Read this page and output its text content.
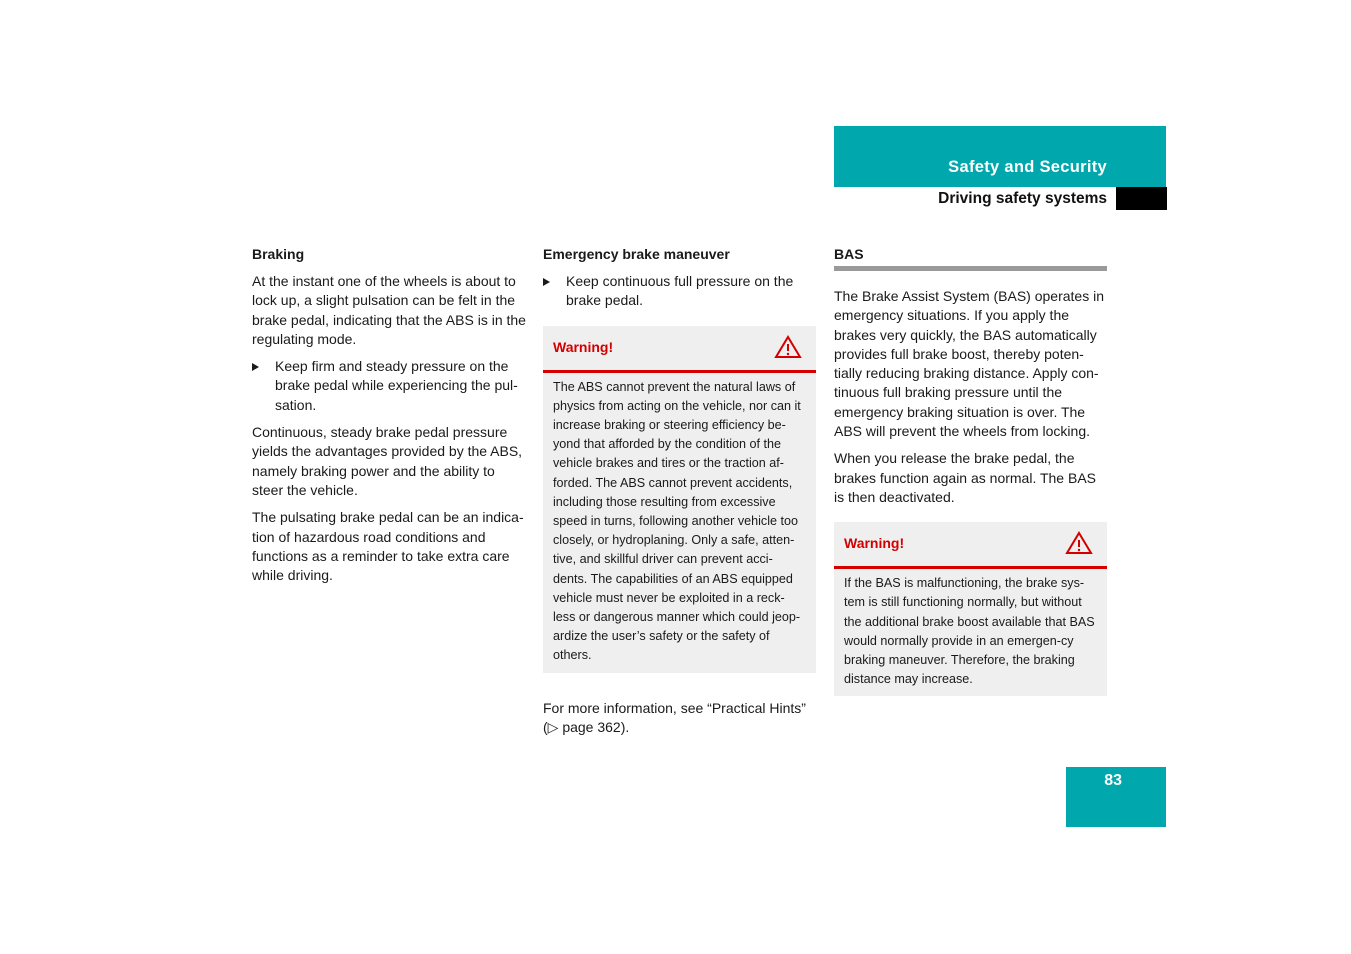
Safety and Security
Driving safety systems
Braking

At the instant one of the wheels is about to lock up, a slight pulsation can be felt in the brake pedal, indicating that the ABS is in the regulating mode.

Keep firm and steady pressure on the brake pedal while experiencing the pul-sation.

Continuous, steady brake pedal pressure yields the advantages provided by the ABS, namely braking power and the ability to steer the vehicle.

The pulsating brake pedal can be an indica-tion of hazardous road conditions and functions as a reminder to take extra care while driving.

Emergency brake maneuver
Keep continuous full pressure on the brake pedal.
Warning!
The ABS cannot prevent the natural laws of physics from acting on the vehicle, nor can it increase braking or steering efficiency be-yond that afforded by the condition of the vehicle brakes and tires or the traction af-forded. The ABS cannot prevent accidents, including those resulting from excessive speed in turns, following another vehicle too closely, or hydroplaning. Only a safe, atten-tive, and skillful driver can prevent acci-dents. The capabilities of an ABS equipped vehicle must never be exploited in a reck-less or dangerous manner which could jeop-ardize the user’s safety or the safety of others.

For more information, see “Practical Hints” (▷ page 362).

BAS

The Brake Assist System (BAS) operates in emergency situations. If you apply the brakes very quickly, the BAS automatically provides full brake boost, thereby poten-tially reducing braking distance. Apply con-tinuous full braking pressure until the emergency braking situation is over. The ABS will prevent the wheels from locking.

When you release the brake pedal, the brakes function again as normal. The BAS is then deactivated.

Warning!
If the BAS is malfunctioning, the brake sys-tem is still functioning normally, but without the additional brake boost available that BAS would normally provide in an emergen-cy braking maneuver. Therefore, the braking distance may increase.
83
